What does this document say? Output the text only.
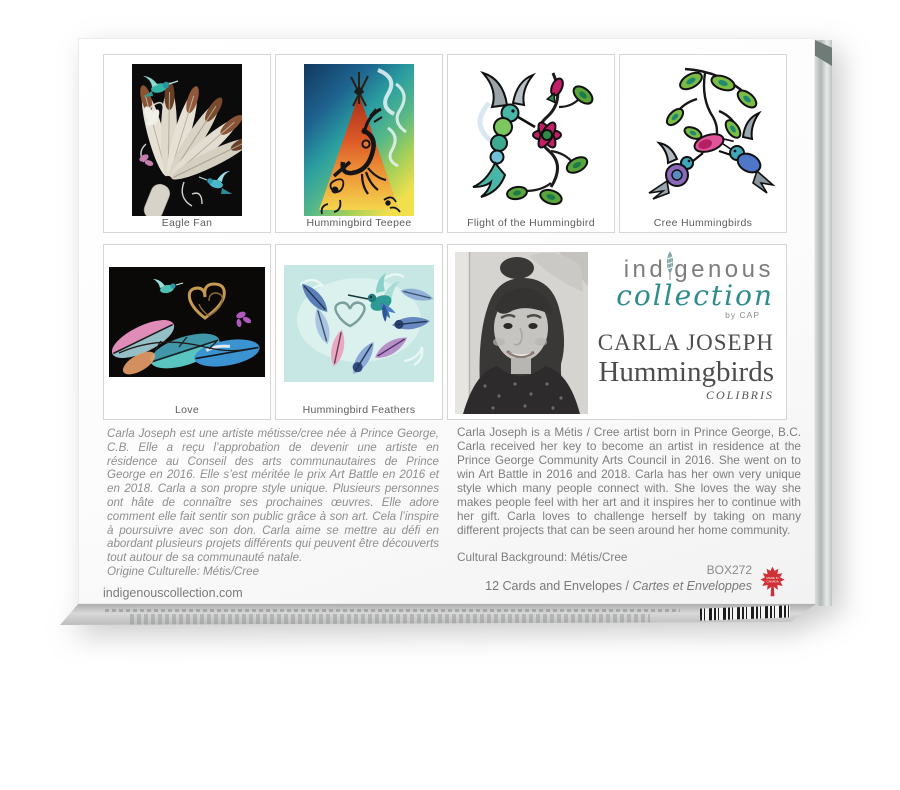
Eagle Fan	Hummingbird Teepee	Flight of the Hummingbird	Cree Hummingbirds
Love	Hummingbird Feathers
ind genous
collection
by CAP
CARLA JOSEPH
Hummingbirds
COLIBRIS
Carla Joseph est une artiste métisse/cree née à Prince George, C.B. Elle a reçu l’approbation de devenir une artiste en résidence au Conseil des arts communautaires de Prince George en 2016. Elle s’est méritée le prix Art Battle en 2016 et en 2018. Carla a son propre style unique. Plusieurs personnes ont hâte de connaître ses prochaines œuvres. Elle adore comment elle fait sentir son public grâce à son art. Cela l’inspire à poursuivre avec son don. Carla aime se mettre au défi en abordant plusieurs projets différents qui peuvent être découverts tout autour de sa communauté natale.
Origine Culturelle: Métis/Cree
Carla Joseph is a Métis / Cree artist born in Prince George, B.C. Carla received her key to become an artist in residence at the Prince George Community Arts Council in 2016. She went on to win Art Battle in 2016 and 2018. Carla has her own very unique style which many people connect with. She loves the way she makes people feel with her art and it inspires her to continue with her gift. Carla loves to challenge herself by taking on many different projects that can be seen around her home community.
Cultural Background: Métis/Cree
indigenouscollection.com
BOX272
12 Cards and Envelopes / Cartes et Enveloppes
MADE IN
CANADA
